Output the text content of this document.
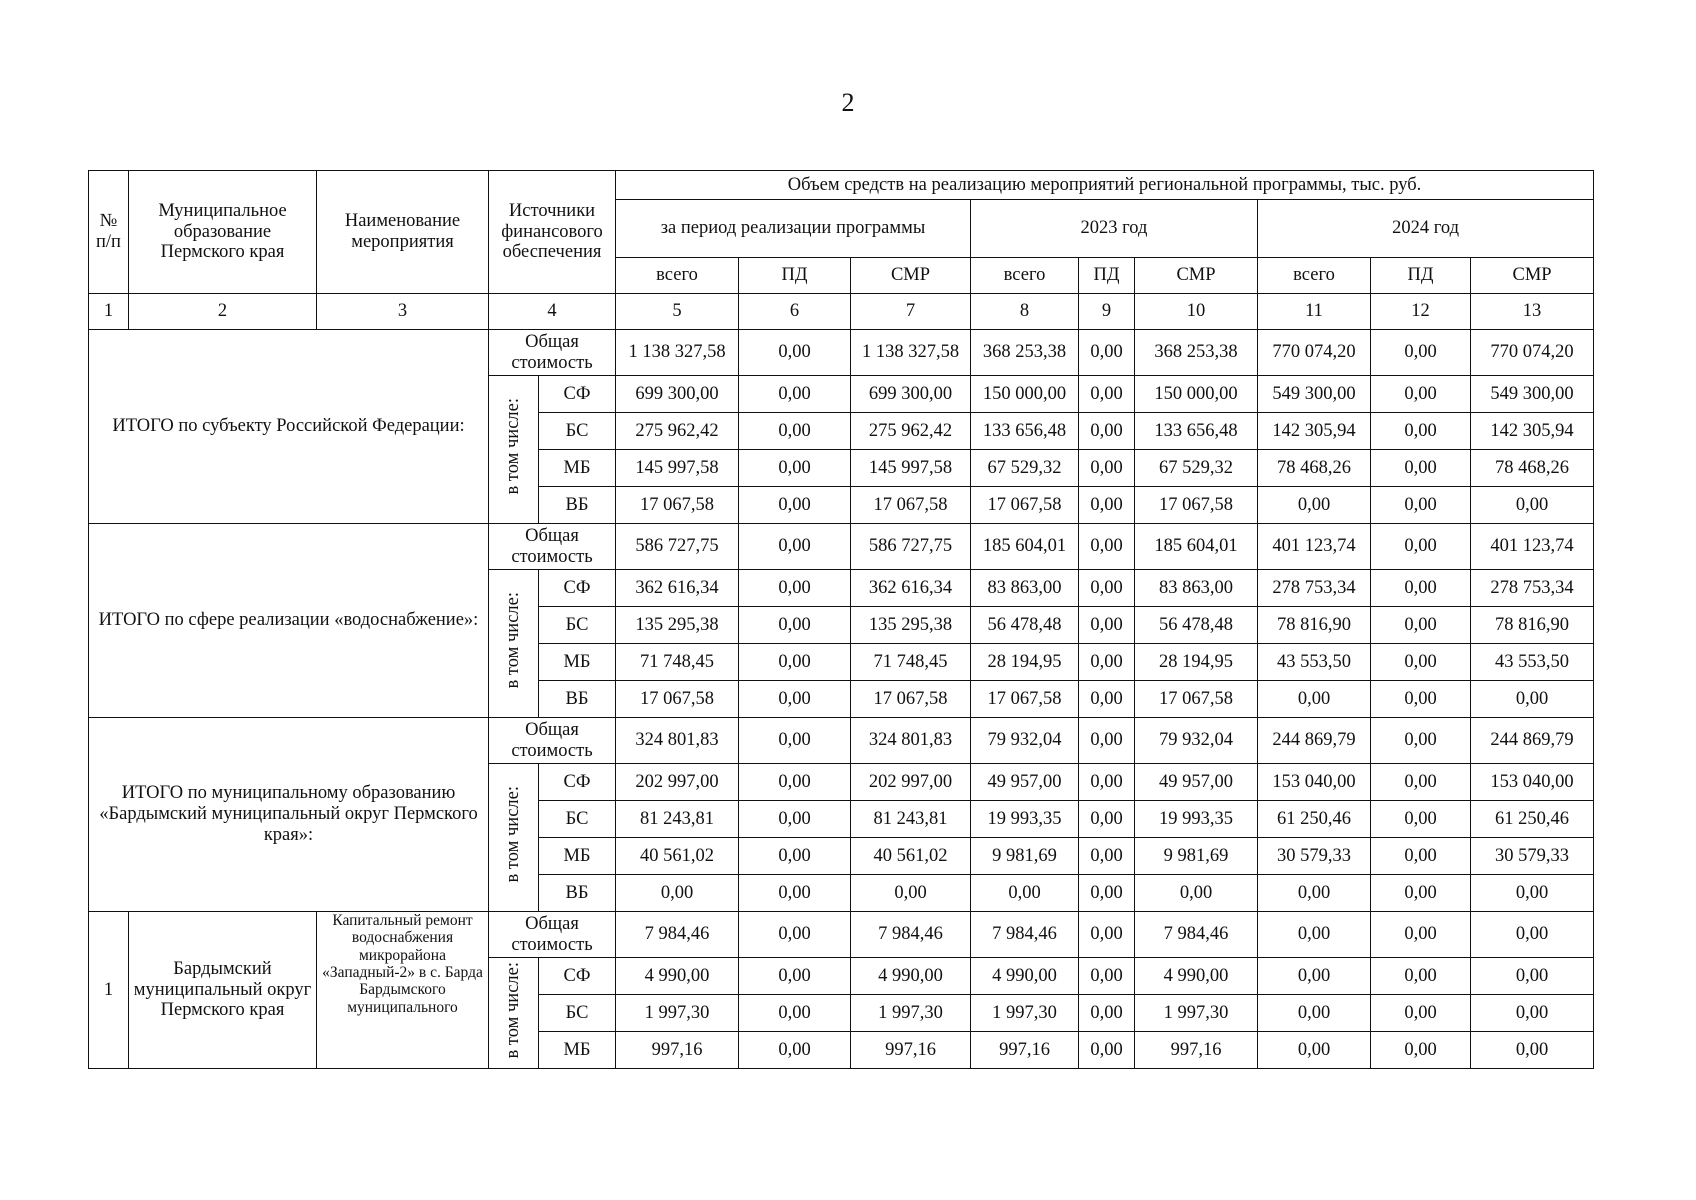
2
№ п/п	Муниципальное образование Пермского края	Наименование мероприятия	Источники финансового обеспечения		Объем средств на реализацию мероприятий региональной программы, тыс. руб.								
					за период реализации программы			2023 год			2024 год		
					всего	ПД	СМР	всего	ПД	СМР	всего	ПД	СМР
1	2	3	4		5	6	7	8	9	10	11	12	13
ИТОГО по субъекту Российской Федерации:			Общая стоимость		1 138 327,58	0,00	1 138 327,58	368 253,38	0,00	368 253,38	770 074,20	0,00	770 074,20
			в том числе:	СФ	699 300,00	0,00	699 300,00	150 000,00	0,00	150 000,00	549 300,00	0,00	549 300,00
				БС	275 962,42	0,00	275 962,42	133 656,48	0,00	133 656,48	142 305,94	0,00	142 305,94
				МБ	145 997,58	0,00	145 997,58	67 529,32	0,00	67 529,32	78 468,26	0,00	78 468,26
				ВБ	17 067,58	0,00	17 067,58	17 067,58	0,00	17 067,58	0,00	0,00	0,00
ИТОГО по сфере реализации «водоснабжение»:			Общая стоимость		586 727,75	0,00	586 727,75	185 604,01	0,00	185 604,01	401 123,74	0,00	401 123,74
			в том числе:	СФ	362 616,34	0,00	362 616,34	83 863,00	0,00	83 863,00	278 753,34	0,00	278 753,34
				БС	135 295,38	0,00	135 295,38	56 478,48	0,00	56 478,48	78 816,90	0,00	78 816,90
				МБ	71 748,45	0,00	71 748,45	28 194,95	0,00	28 194,95	43 553,50	0,00	43 553,50
				ВБ	17 067,58	0,00	17 067,58	17 067,58	0,00	17 067,58	0,00	0,00	0,00
ИТОГО по муниципальному образованию «Бардымский муниципальный округ Пермского края»:			Общая стоимость		324 801,83	0,00	324 801,83	79 932,04	0,00	79 932,04	244 869,79	0,00	244 869,79
			в том числе:	СФ	202 997,00	0,00	202 997,00	49 957,00	0,00	49 957,00	153 040,00	0,00	153 040,00
				БС	81 243,81	0,00	81 243,81	19 993,35	0,00	19 993,35	61 250,46	0,00	61 250,46
				МБ	40 561,02	0,00	40 561,02	9 981,69	0,00	9 981,69	30 579,33	0,00	30 579,33
				ВБ	0,00	0,00	0,00	0,00	0,00	0,00	0,00	0,00	0,00
1	Бардымский муниципальный округ Пермского края	Капитальный ремонт водоснабжения микрорайона «Западный-2» в с. Барда Бардымского муниципального	Общая стоимость		7 984,46	0,00	7 984,46	7 984,46	0,00	7 984,46	0,00	0,00	0,00
			в том числе:	СФ	4 990,00	0,00	4 990,00	4 990,00	0,00	4 990,00	0,00	0,00	0,00
				БС	1 997,30	0,00	1 997,30	1 997,30	0,00	1 997,30	0,00	0,00	0,00
				МБ	997,16	0,00	997,16	997,16	0,00	997,16	0,00	0,00	0,00
